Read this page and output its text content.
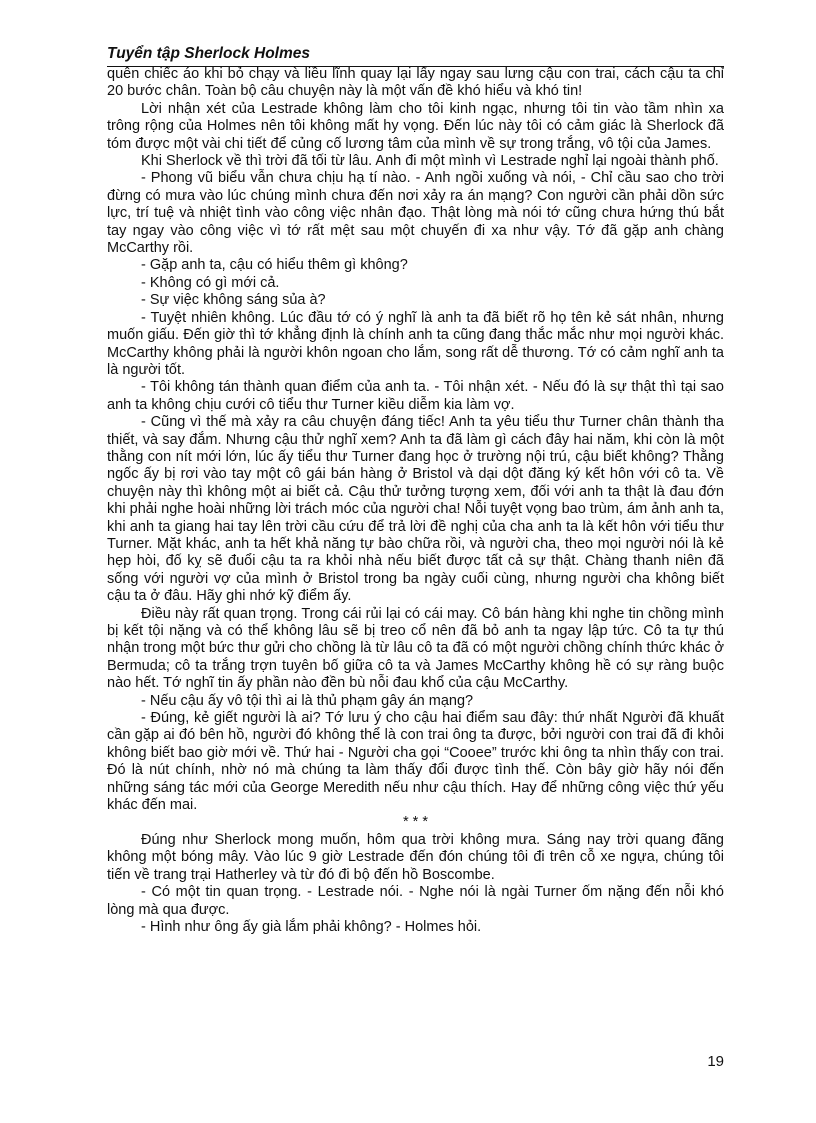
Tuyển tập Sherlock Holmes

quên chiếc áo khi bỏ chạy và liều lĩnh quay lại lấy ngay sau lưng cậu con trai, cách cậu ta chỉ 20 bước chân. Toàn bộ câu chuyện này là một vấn đề khó hiểu và khó tin!

Lời nhận xét của Lestrade không làm cho tôi kinh ngạc, nhưng tôi tin vào tầm nhìn xa trông rộng của Holmes nên tôi không mất hy vọng. Đến lúc này tôi có cảm giác là Sherlock đã tóm được một vài chi tiết để củng cố lương tâm của mình về sự trong trắng, vô tội của James.

Khi Sherlock về thì trời đã tối từ lâu. Anh đi một mình vì Lestrade nghỉ lại ngoài thành phố.

- Phong vũ biểu vẫn chưa chịu hạ tí nào. - Anh ngồi xuống và nói, - Chỉ cầu sao cho trời đừng có mưa vào lúc chúng mình chưa đến nơi xảy ra án mạng? Con người cần phải dồn sức lực, trí tuệ và nhiệt tình vào công việc nhân đạo. Thật lòng mà nói tớ cũng chưa hứng thú bắt tay ngay vào công việc vì tớ rất mệt sau một chuyến đi xa như vậy. Tớ đã gặp anh chàng McCarthy rồi.

- Gặp anh ta, cậu có hiểu thêm gì không?

- Không có gì mới cả.

- Sự việc không sáng sủa à?

- Tuyệt nhiên không. Lúc đầu tớ có ý nghĩ là anh ta đã biết rõ họ tên kẻ sát nhân, nhưng muốn giấu. Đến giờ thì tớ khẳng định là chính anh ta cũng đang thắc mắc như mọi người khác. McCarthy không phải là người khôn ngoan cho lắm, song rất dễ thương. Tớ có cảm nghĩ anh ta là người tốt.

- Tôi không tán thành quan điểm của anh ta. - Tôi nhận xét. - Nếu đó là sự thật thì tại sao anh ta không chịu cưới cô tiểu thư Turner kiều diễm kia làm vợ.

- Cũng vì thế mà xảy ra câu chuyện đáng tiếc! Anh ta yêu tiểu thư Turner chân thành tha thiết, và say đắm. Nhưng cậu thử nghĩ xem? Anh ta đã làm gì cách đây hai năm, khi còn là một thằng con nít mới lớn, lúc ấy tiểu thư Turner đang học ở trường nội trú, cậu biết không? Thằng ngốc ấy bị rơi vào tay một cô gái bán hàng ở Bristol và dại dột đăng ký kết hôn với cô ta. Về chuyện này thì không một ai biết cả. Cậu thử tưởng tượng xem, đối với anh ta thật là đau đớn khi phải nghe hoài những lời trách móc của người cha! Nỗi tuyệt vọng bao trùm, ám ảnh anh ta, khi anh ta giang hai tay lên trời cầu cứu để trả lời đề nghị của cha anh ta là kết hôn với tiểu thư Turner. Mặt khác, anh ta hết khả năng tự bào chữa rồi, và người cha, theo mọi người nói là kẻ hẹp hòi, đố kỵ sẽ đuổi cậu ta ra khỏi nhà nếu biết được tất cả sự thật. Chàng thanh niên đã sống với người vợ của mình ở Bristol trong ba ngày cuối cùng, nhưng người cha không biết cậu ta ở đâu. Hãy ghi nhớ kỹ điểm ấy.

Điều này rất quan trọng. Trong cái rủi lại có cái may. Cô bán hàng khi nghe tin chồng mình bị kết tội nặng và có thể không lâu sẽ bị treo cổ nên đã bỏ anh ta ngay lập tức. Cô ta tự thú nhận trong một bức thư gửi cho chồng là từ lâu cô ta đã có một người chồng chính thức khác ở Bermuda; cô ta trắng trợn tuyên bố giữa cô ta và James McCarthy không hề có sự ràng buộc nào hết. Tớ nghĩ tin ấy phần nào đền bù nỗi đau khổ của cậu McCarthy.

- Nếu cậu ấy vô tội thì ai là thủ phạm gây án mạng?

- Đúng, kẻ giết người là ai? Tớ lưu ý cho cậu hai điểm sau đây: thứ nhất Người đã khuất cần gặp ai đó bên hồ, người đó không thể là con trai ông ta được, bởi người con trai đã đi khỏi không biết bao giờ mới về. Thứ hai - Người cha gọi “Cooee” trước khi ông ta nhìn thấy con trai. Đó là nút chính, nhờ nó mà chúng ta làm thấy đổi được tình thế. Còn bây giờ hãy nói đến những sáng tác mới của George Meredith nếu như cậu thích. Hay để những công việc thứ yếu khác đến mai.

* * *

Đúng như Sherlock mong muốn, hôm qua trời không mưa. Sáng nay trời quang đãng không một bóng mây. Vào lúc 9 giờ Lestrade đến đón chúng tôi đi trên cỗ xe ngựa, chúng tôi tiến về trang trại Hatherley và từ đó đi bộ đến hồ Boscombe.

- Có một tin quan trọng. - Lestrade nói. - Nghe nói là ngài Turner ốm nặng đến nỗi khó lòng mà qua được.

- Hình như ông ấy già lắm phải không? - Holmes hỏi.

19
